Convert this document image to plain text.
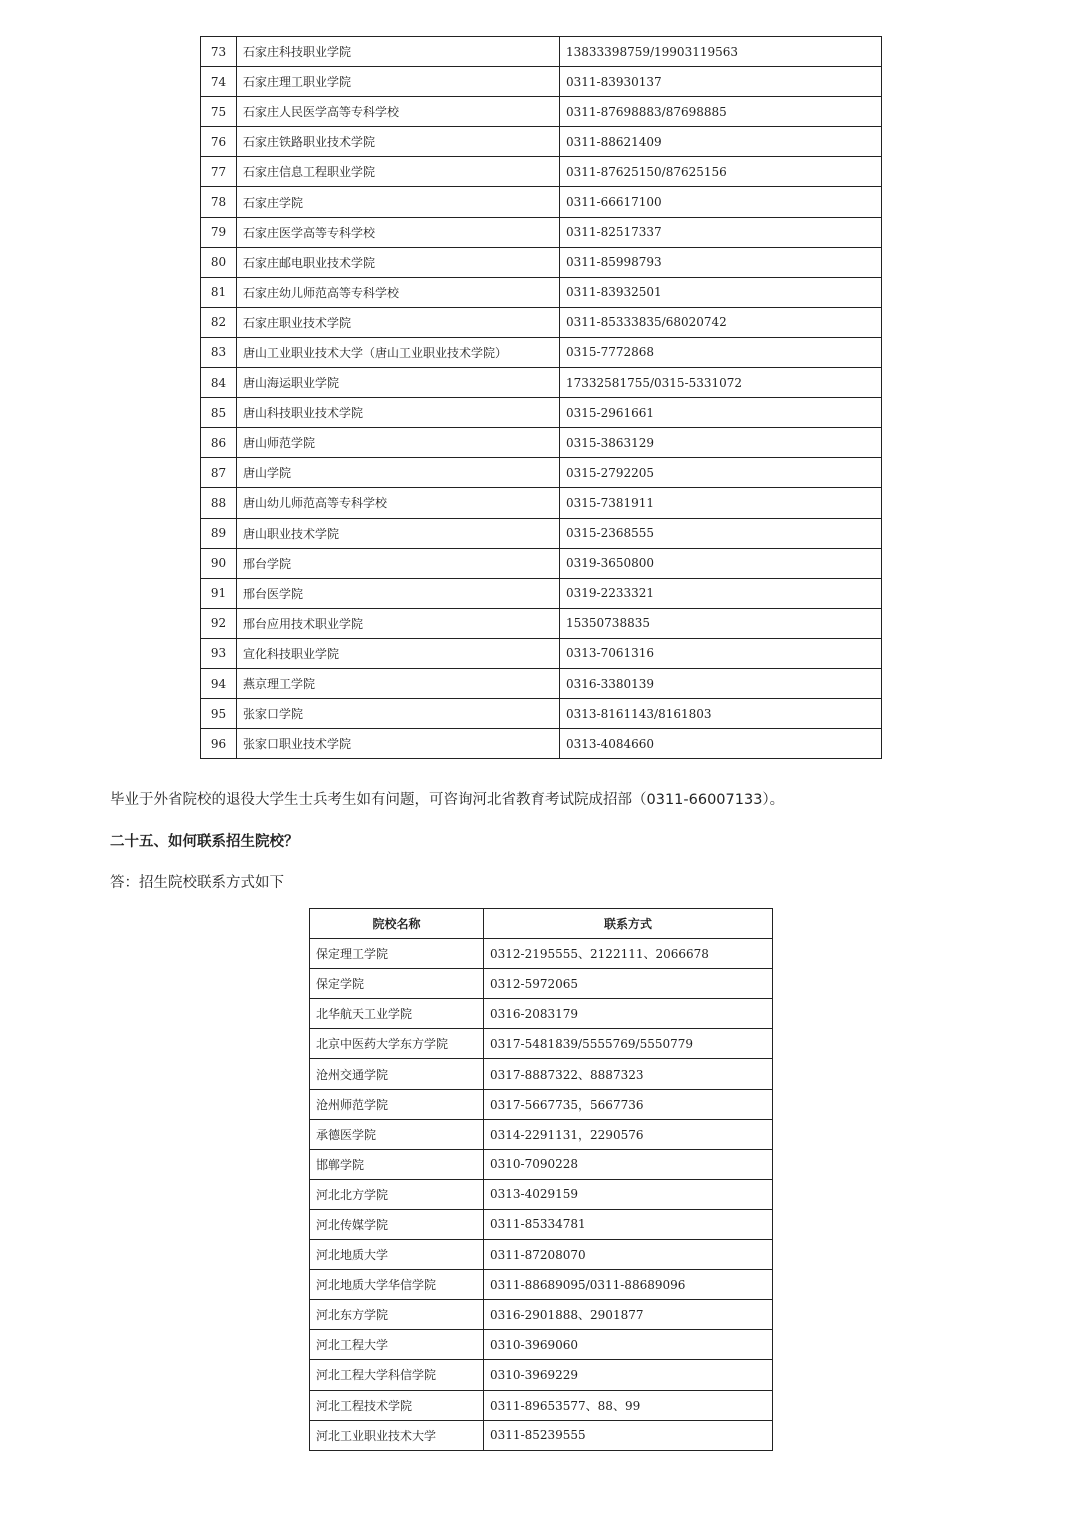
73	石家庄科技职业学院	13833398759/19903119563
74	石家庄理工职业学院	0311-83930137
75	石家庄人民医学高等专科学校	0311-87698883/87698885
76	石家庄铁路职业技术学院	0311-88621409
77	石家庄信息工程职业学院	0311-87625150/87625156
78	石家庄学院	0311-66617100
79	石家庄医学高等专科学校	0311-82517337
80	石家庄邮电职业技术学院	0311-85998793
81	石家庄幼儿师范高等专科学校	0311-83932501
82	石家庄职业技术学院	0311-85333835/68020742
83	唐山工业职业技术大学（唐山工业职业技术学院）	0315-7772868
84	唐山海运职业学院	17332581755/0315-5331072
85	唐山科技职业技术学院	0315-2961661
86	唐山师范学院	0315-3863129
87	唐山学院	0315-2792205
88	唐山幼儿师范高等专科学校	0315-7381911
89	唐山职业技术学院	0315-2368555
90	邢台学院	0319-3650800
91	邢台医学院	0319-2233321
92	邢台应用技术职业学院	15350738835
93	宣化科技职业学院	0313-7061316
94	燕京理工学院	0316-3380139
95	张家口学院	0313-8161143/8161803
96	张家口职业技术学院	0313-4084660

毕业于外省院校的退役大学生士兵考生如有问题，可咨询河北省教育考试院成招部（0311-66007133）。

二十五、如何联系招生院校？

答：招生院校联系方式如下

院校名称	联系方式
保定理工学院	0312-2195555、2122111、2066678
保定学院	0312-5972065
北华航天工业学院	0316-2083179
北京中医药大学东方学院	0317-5481839/5555769/5550779
沧州交通学院	0317-8887322、8887323
沧州师范学院	0317-5667735，5667736
承德医学院	0314-2291131，2290576
邯郸学院	0310-7090228
河北北方学院	0313-4029159
河北传媒学院	0311-85334781
河北地质大学	0311-87208070
河北地质大学华信学院	0311-88689095/0311-88689096
河北东方学院	0316-2901888、2901877
河北工程大学	0310-3969060
河北工程大学科信学院	0310-3969229
河北工程技术学院	0311-89653577、88、99
河北工业职业技术大学	0311-85239555
